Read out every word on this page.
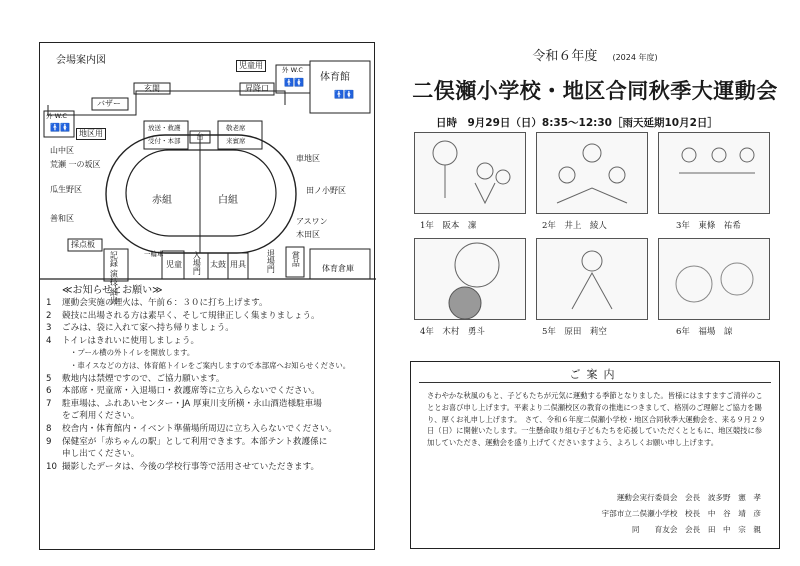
会場案内図	児童用	外 W.C
🚹🚺 体育館
🚹🚺
玄関	昇降口
バザー
外 W.C
🚹🚺
地区用
放送・救護
受付・本部 台
敬老席
来賓席
山中区
荒瀬 一の坂区
瓜生野区
善和区
車地区
田ノ小野区
アスワン
木田区
赤組	白組
採点板
記録 演技 細出	一輪車
児童 入場門 太鼓 用具	退場門 賞品
体育倉庫
≪お知らせとお願い≫
1	運動会実施の煙火は、午前６：３０に打ち上げます。
2	競技に出場される方は素早く、そして規律正しく集まりましょう。
3	ごみは、袋に入れて家へ持ち帰りましょう。
4	トイレはきれいに使用しましょう。
・プール横の外トイレを開放します。
・車イスなどの方は、体育館トイレをご案内しますので本部席へお知らせください。
5	敷地内は禁煙ですので、ご協力願います。
6	本部席・児童席・入退場口・救護席等に立ち入らないでください。
7	駐車場は、ふれあいセンター・JA 厚東川支所横・永山酒造様駐車場
をご利用ください。
8	校舎内・体育館内・イベント準備場所周辺に立ち入らないでください。
9	保健室が「赤ちゃんの駅」として利用できます。本部テント救護係に
申し出てください。
10 撮影したデータは、今後の学校行事等で活用させていただきます。
令和６年度 (2024 年度)
二俣瀬小学校・地区合同秋季大運動会
日時　9月29日（日）8:35～12:30［雨天延期10月2日］
1年　阪本　凜	2年　井上　綾人	3年　東條　祐希
4年　木村　勇斗	5年　原田　莉空	6年　福場　諒
ご案内

さわやかな秋風のもと、子どもたちが元気に運動する季節となりました。皆様にはますますご清祥のこととお喜び申し上げます。平素より二俣瀬校区の教育の推進につきまして、格別のご理解とご協力を賜り、厚くお礼申し上げます。　さて、令和６年度二俣瀬小学校・地区合同秋季大運動会を、来る９月２９日（日）に開催いたします。一生懸命取り組む子どもたちを応援していただくとともに、地区競技に参加していただき、運動会を盛り上げてくださいますよう、よろしくお願い申し上げます。

運動会実行委員会　会長　波多野　憲　孝
宇部市立二俣瀬小学校　校長　中　谷　靖　彦
同　　育友会　会長　田　中　宗　親
